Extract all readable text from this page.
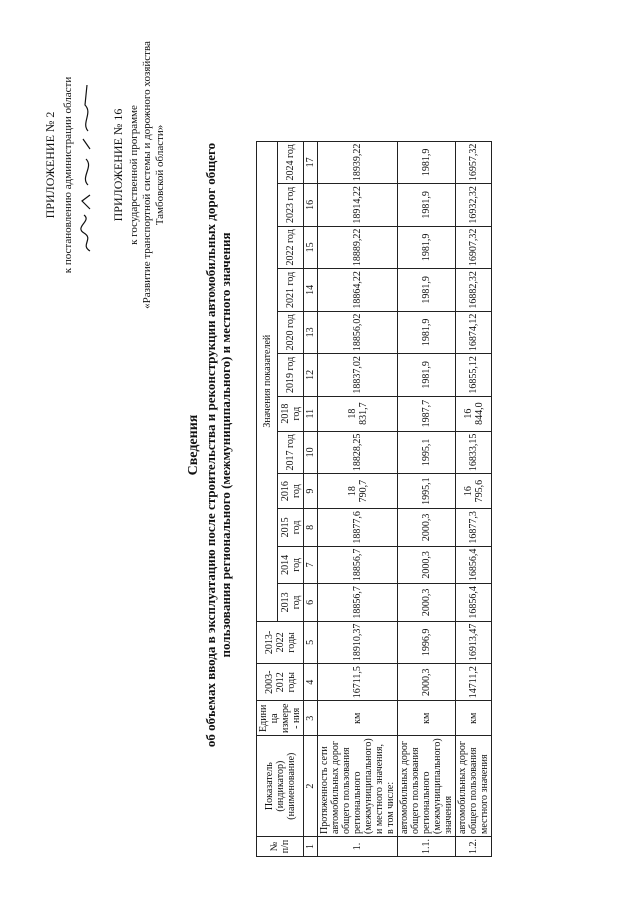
ПРИЛОЖЕНИЕ № 2 к постановлению администрации области	ПРИЛОЖЕНИЕ № 16 к государственной программе «Развитие транспортной системы и дорожного хозяйства Тамбовской области»
Сведения об объемах ввода в эксплуатацию после строительства и реконструкции автомобильных дорог общего пользования регионального (межмуниципального) и местного значения
№ п/п	Показатель (индикатор) (наименование)	Едини ца измере - ния	2003- 2012 годы	2013- 2022 годы	Значения показателей											
					2013 год	2014 год	2015 год	2016 год	2017 год	2018 год	2019 год	2020 год	2021 год	2022 год	2023 год	2024 год
1	2	3	4	5	6	7	8	9	10	11	12	13	14	15	16	17
1.	Протяженность сети автомобильных дорог общего пользования регионального (межмуниципального) и местного значения, в том числе:	км	16711,5	18910,37	18856,7	18856,7	18877,6	18 790,7	18828,25	18 831,7	18837,02	18856,02	18864,22	18889,22	18914,22	18939,22
1.1.	автомобильных дорог общего пользования регионального (межмуниципального) значения	км	2000,3	1996,9	2000,3	2000,3	2000,3	1995,1	1995,1	1987,7	1981,9	1981,9	1981,9	1981,9	1981,9	1981,9
1.2.	автомобильных дорог общего пользования местного значения	км	14711,2	16913,47	16856,4	16856,4	16877,3	16 795,6	16833,15	16 844,0	16855,12	16874,12	16882,32	16907,32	16932,32	16957,32
